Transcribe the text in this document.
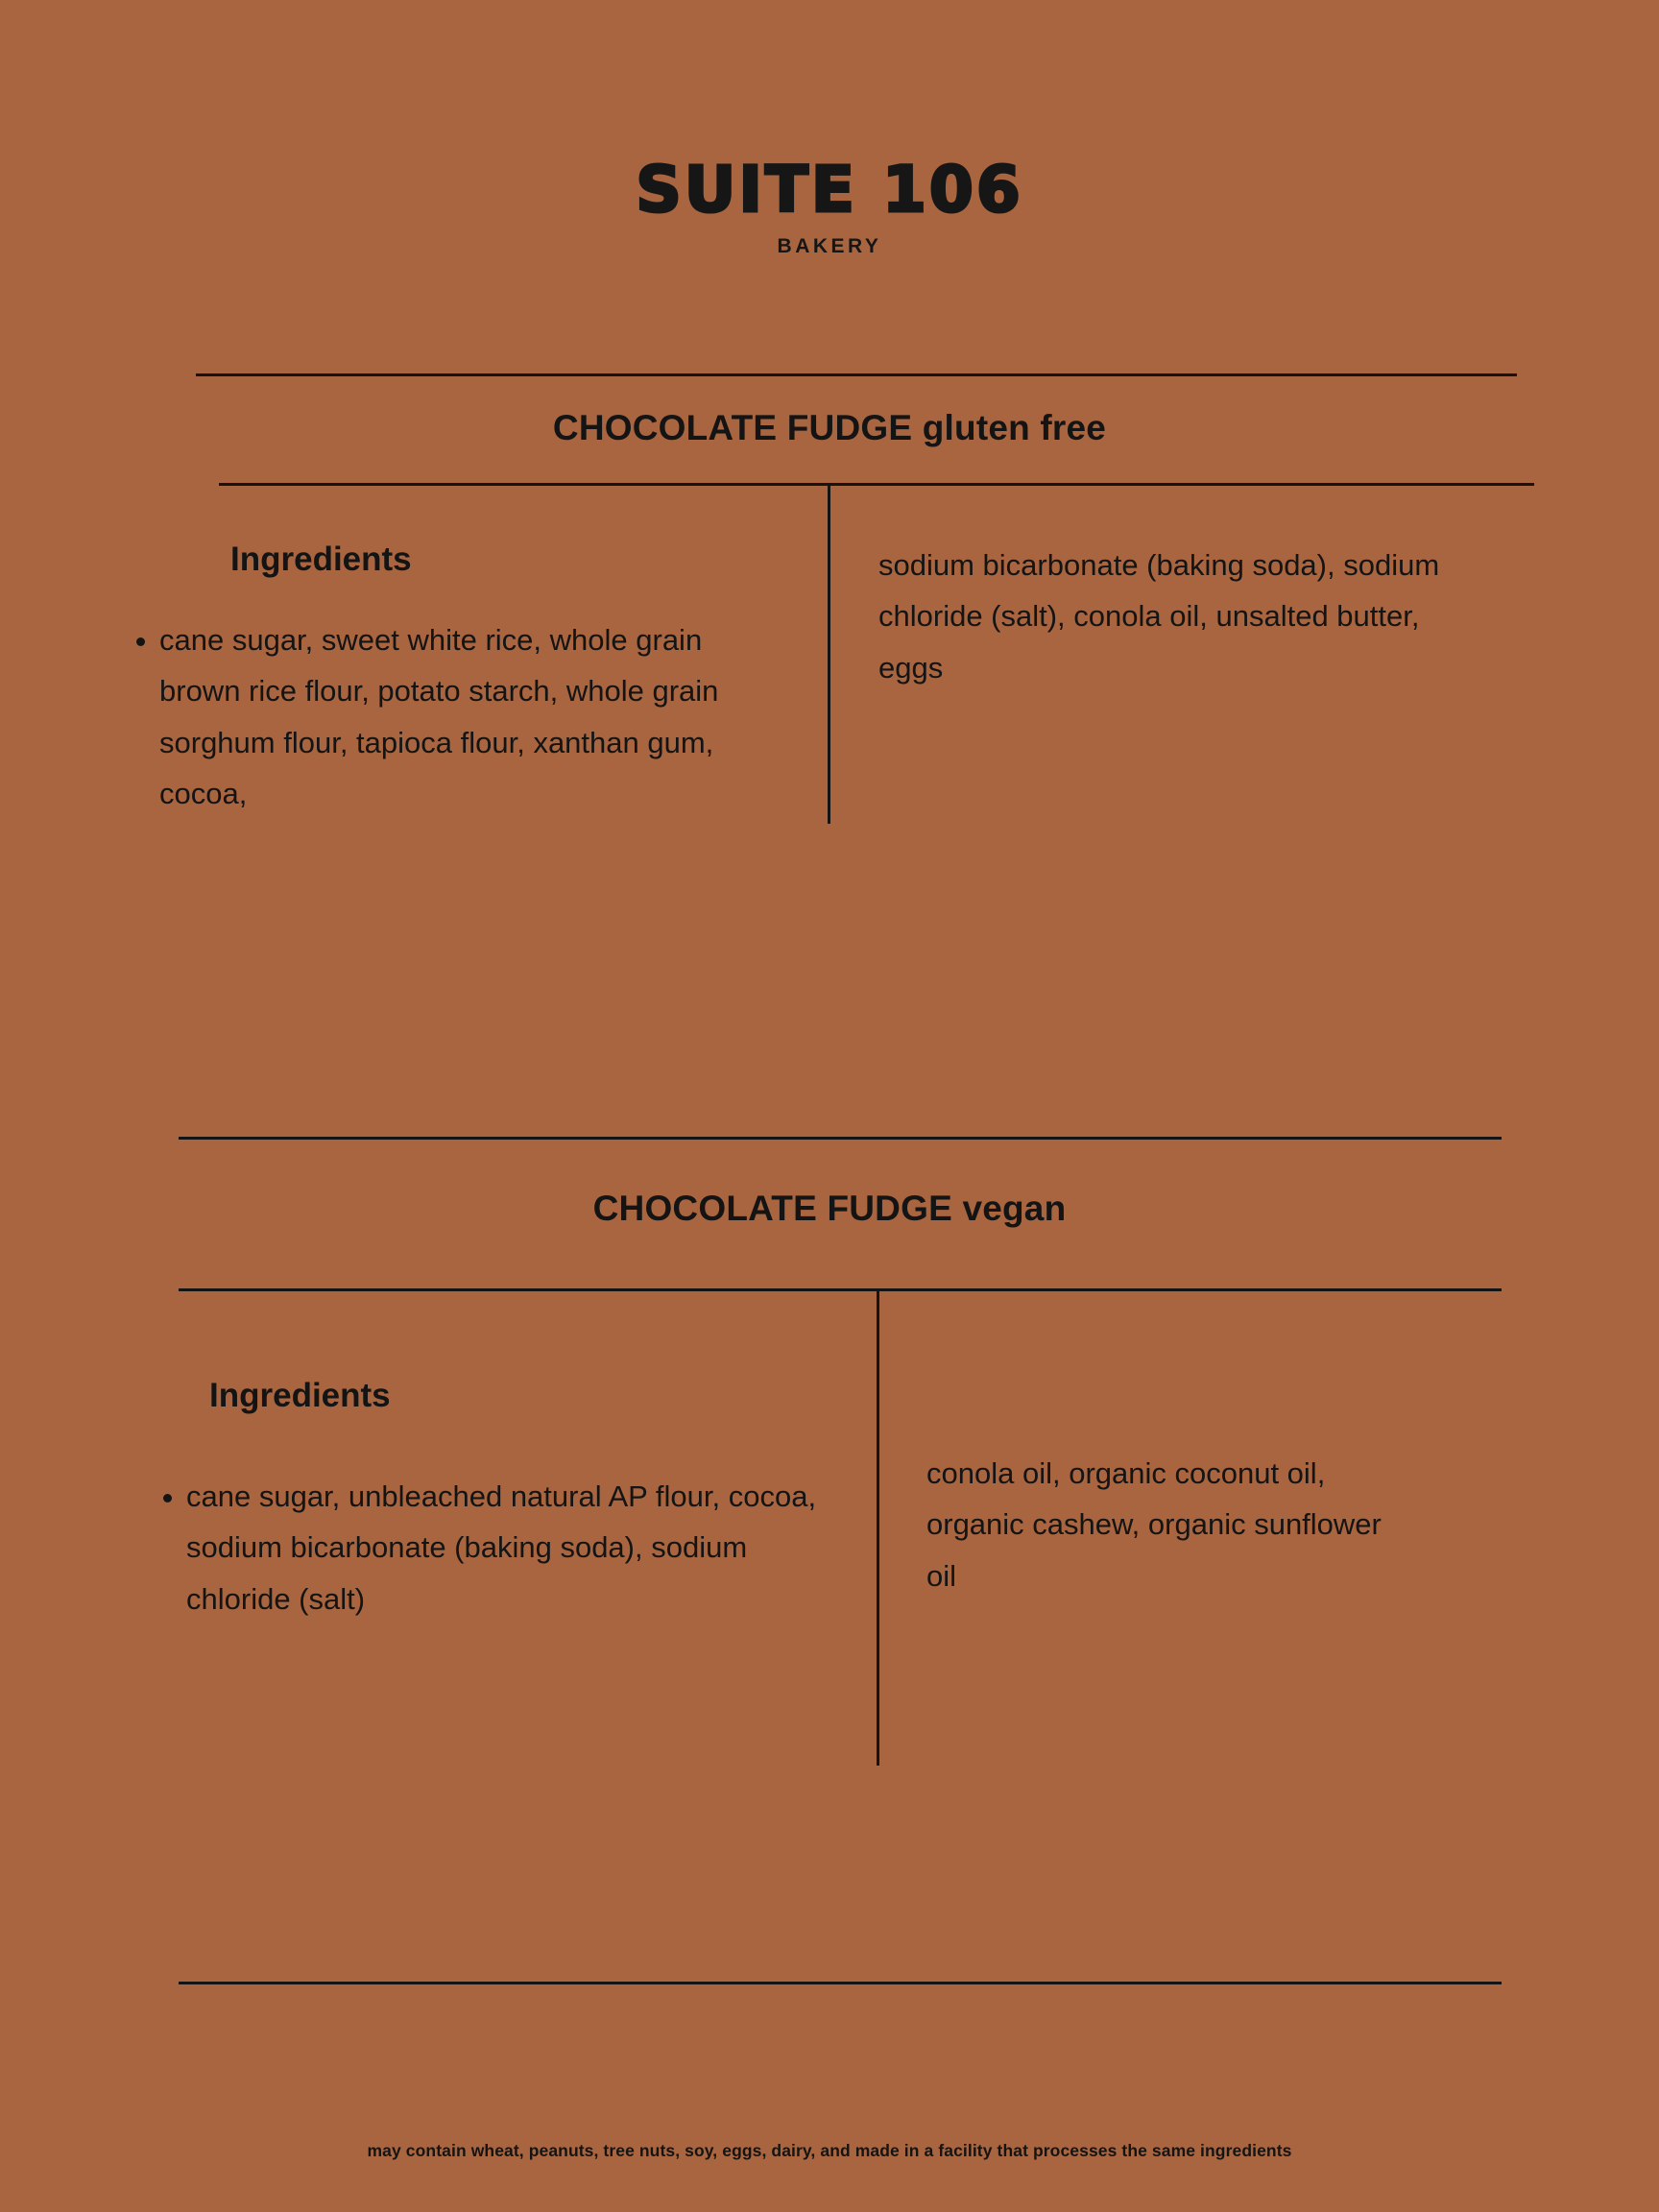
SUITE 106
BAKERY
CHOCOLATE FUDGE gluten free
Ingredients
• cane sugar, sweet white rice, whole grain brown rice flour, potato starch, whole grain sorghum flour, tapioca flour, xanthan gum, cocoa,
sodium bicarbonate (baking soda), sodium chloride (salt), conola oil, unsalted butter, eggs
CHOCOLATE FUDGE vegan
Ingredients
• cane sugar, unbleached natural AP flour, cocoa, sodium bicarbonate (baking soda), sodium chloride (salt)
conola oil, organic coconut oil, organic cashew, organic sunflower oil
may contain wheat, peanuts, tree nuts, soy, eggs, dairy, and made in a facility that processes the same ingredients
